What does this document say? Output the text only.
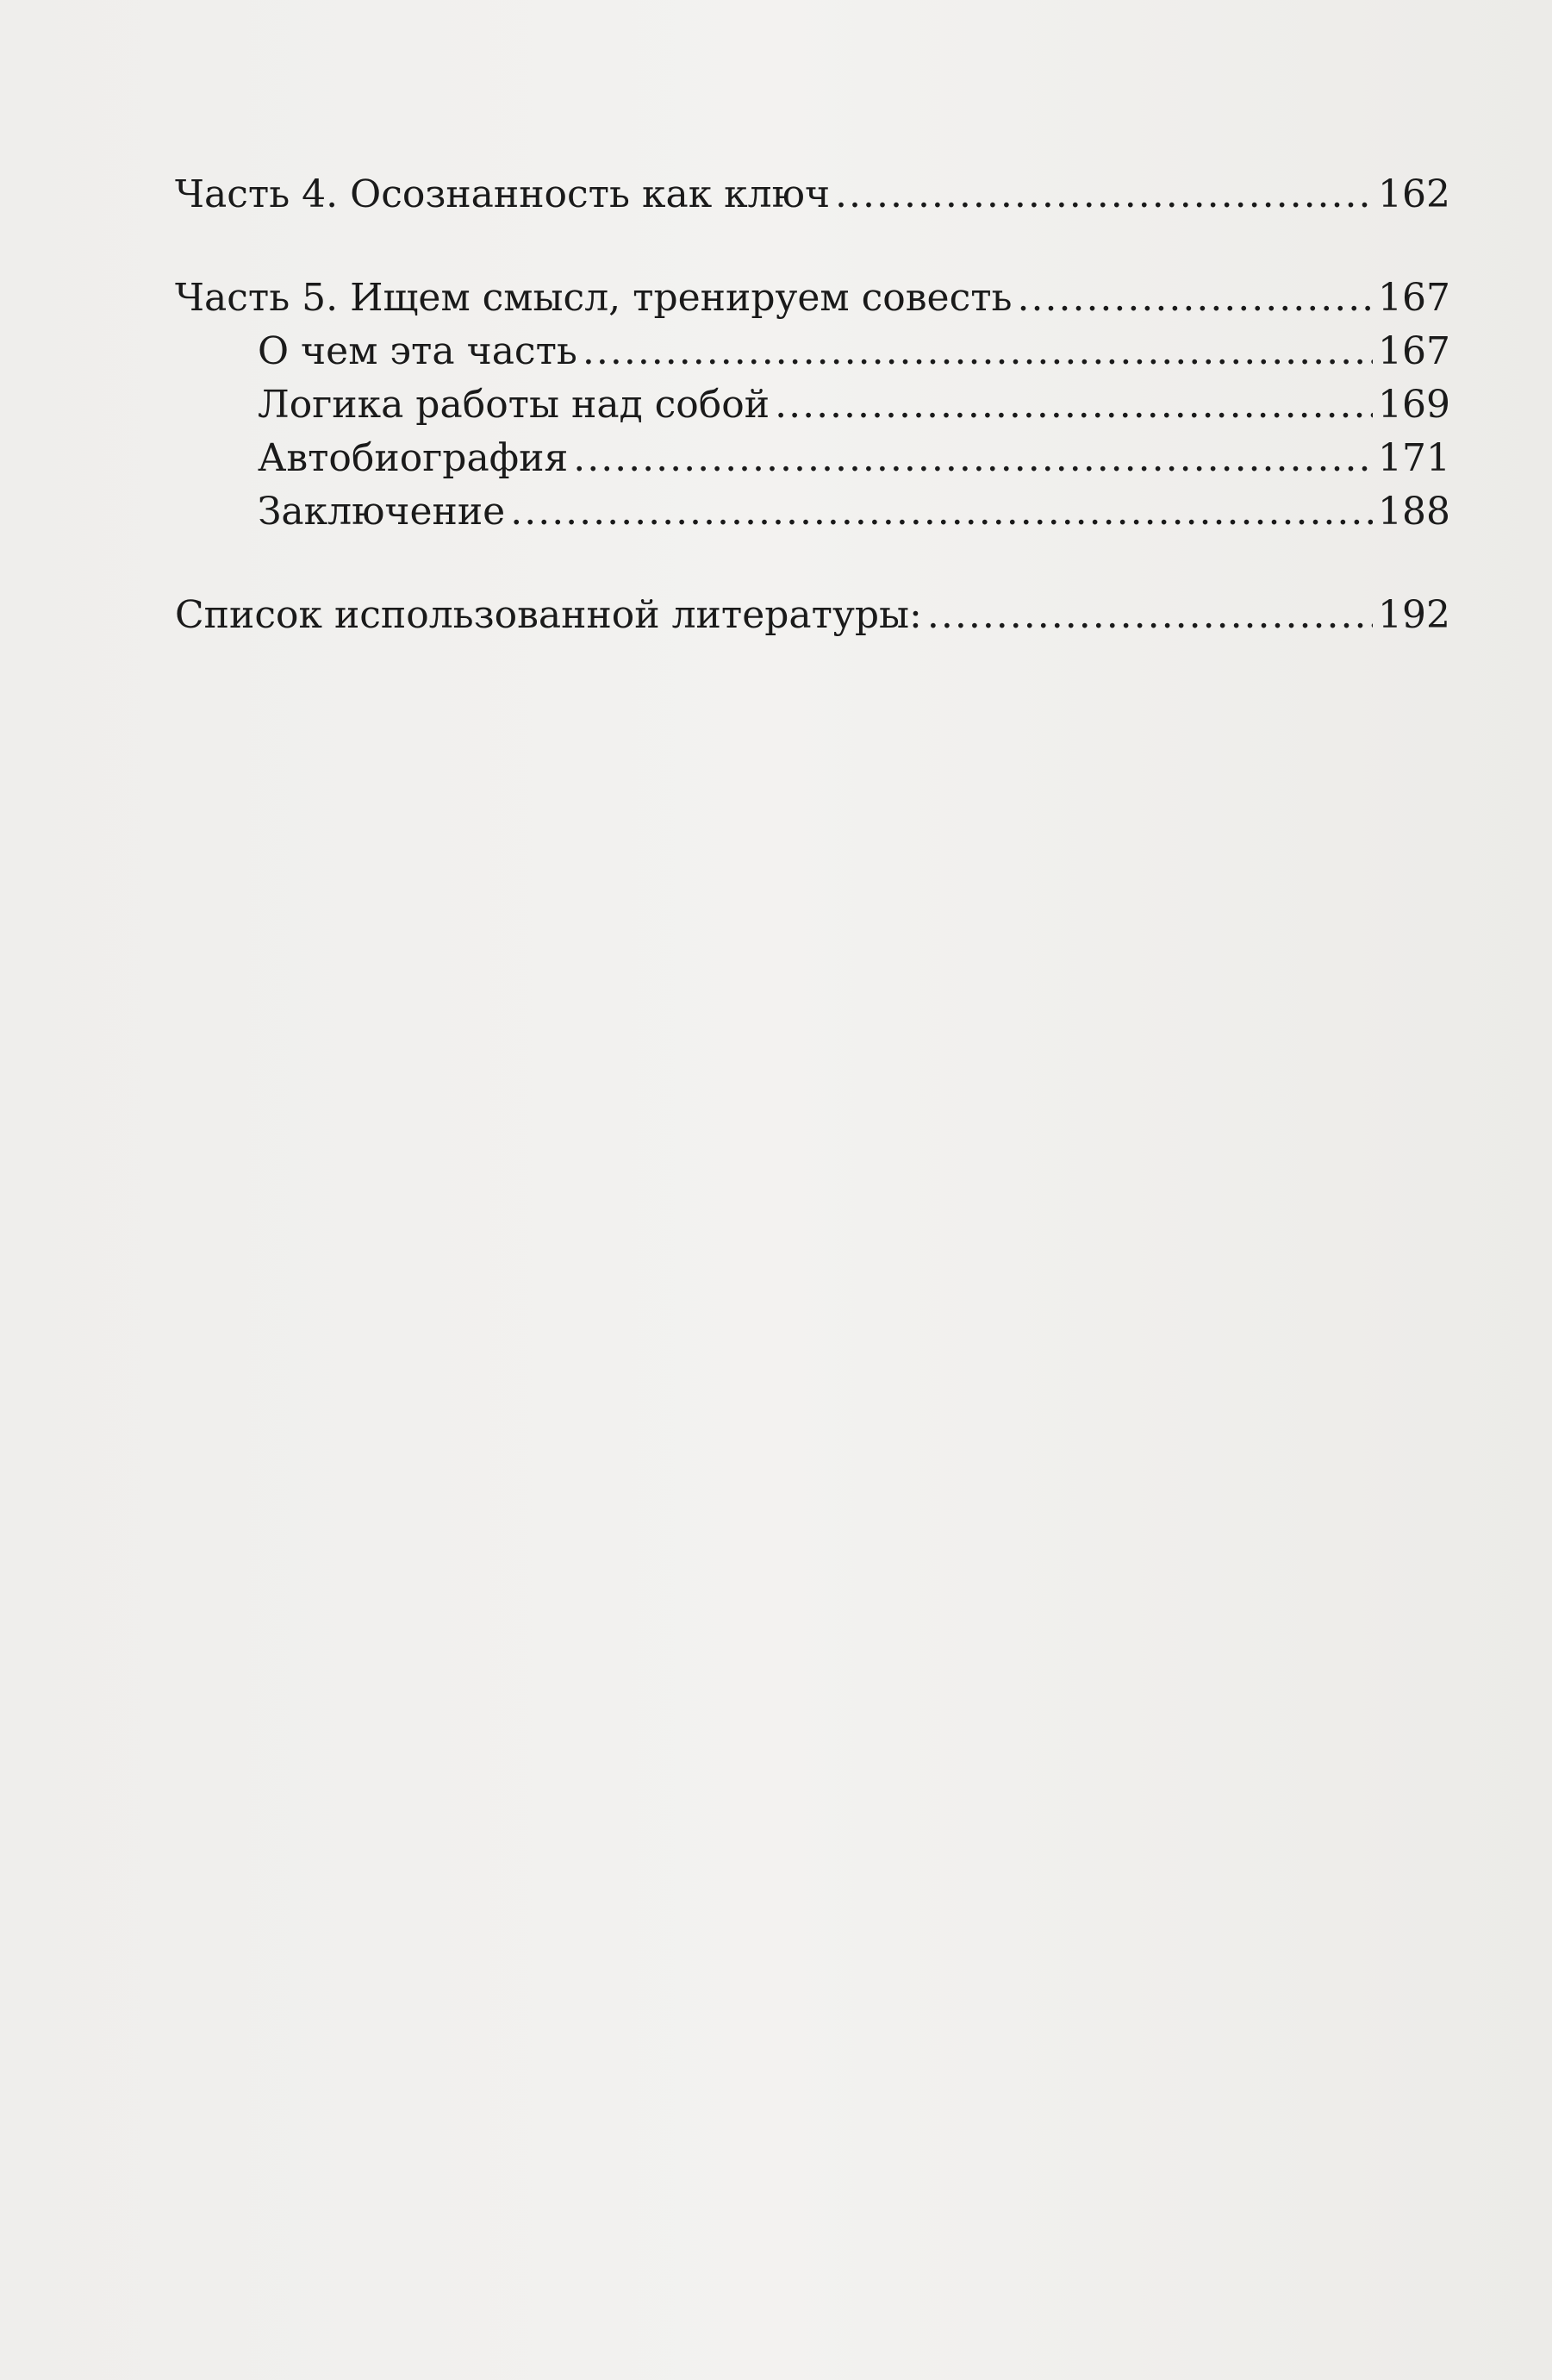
Часть 4. Осознанность как ключ .....	162
Часть 5. Ищем смысл, тренируем совесть .....	167
О чем эта часть .....	167
Логика работы над собой .....	169
Автобиография .....	171
Заключение .....	188
Список использованной литературы: .....	192
